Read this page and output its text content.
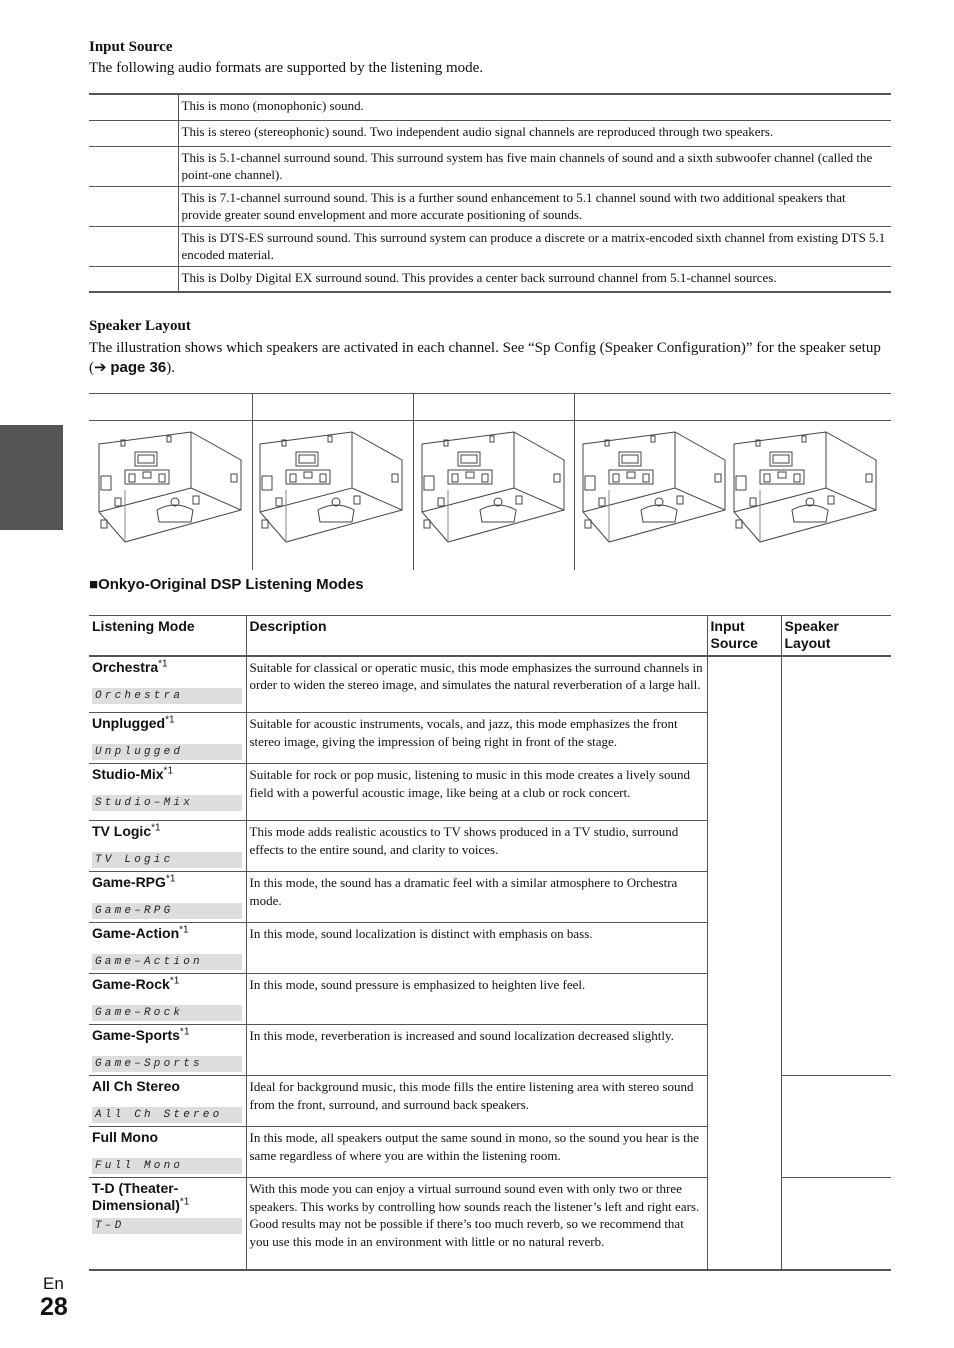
Input Source
The following audio formats are supported by the listening mode.
	This is mono (monophonic) sound.
	This is stereo (stereophonic) sound. Two independent audio signal channels are reproduced through two speakers.
	This is 5.1-channel surround sound. This surround system has five main channels of sound and a sixth subwoofer channel (called the point-one channel).
	This is 7.1-channel surround sound. This is a further sound enhancement to 5.1 channel sound with two additional speakers that provide greater sound envelopment and more accurate positioning of sounds.
	This is DTS-ES surround sound. This surround system can produce a discrete or a matrix-encoded sixth channel from existing DTS 5.1 encoded material.
	This is Dolby Digital EX surround sound. This provides a center back surround channel from 5.1-channel sources.
Speaker Layout
The illustration shows which speakers are activated in each channel. See “Sp Config (Speaker Configuration)” for the speaker setup (➔ page 36).
■Onkyo-Original DSP Listening Modes
Listening Mode	Description	Input Source	Speaker Layout

Orchestra$^{*1}$
Orchestra	Suitable for classical or operatic music, this mode emphasizes the surround channels in order to widen the stereo image, and simulates the natural reverberation of a large hall.		

Unplugged$^{*1}$
Unplugged	Suitable for acoustic instruments, vocals, and jazz, this mode emphasizes the front stereo image, giving the impression of being right in front of the stage.		

Studio-Mix$^{*1}$
Studio–Mix	Suitable for rock or pop music, listening to music in this mode creates a lively sound field with a powerful acoustic image, like being at a club or rock concert.		

TV Logic$^{*1}$
TV Logic	This mode adds realistic acoustics to TV shows produced in a TV studio, surround effects to the entire sound, and clarity to voices.		

Game-RPG$^{*1}$
Game–RPG	In this mode, the sound has a dramatic feel with a similar atmosphere to Orchestra mode.		

Game-Action$^{*1}$
Game–Action	In this mode, sound localization is distinct with emphasis on bass.		

Game-Rock$^{*1}$
Game–Rock	In this mode, sound pressure is emphasized to heighten live feel.		

Game-Sports$^{*1}$
Game–Sports	In this mode, reverberation is increased and sound localization decreased slightly.		

All Ch Stereo
All Ch Stereo	Ideal for background music, this mode fills the entire listening area with stereo sound from the front, surround, and surround back speakers.		

Full Mono
Full Mono	In this mode, all speakers output the same sound in mono, so the sound you hear is the same regardless of where you are within the listening room.		

T-D (Theater-Dimensional)$^{*1}$
T–D	With this mode you can enjoy a virtual surround sound even with only two or three speakers. This works by controlling how sounds reach the listener’s left and right ears. Good results may not be possible if there’s too much reverb, so we recommend that you use this mode in an environment with little or no natural reverb.		
En
28
